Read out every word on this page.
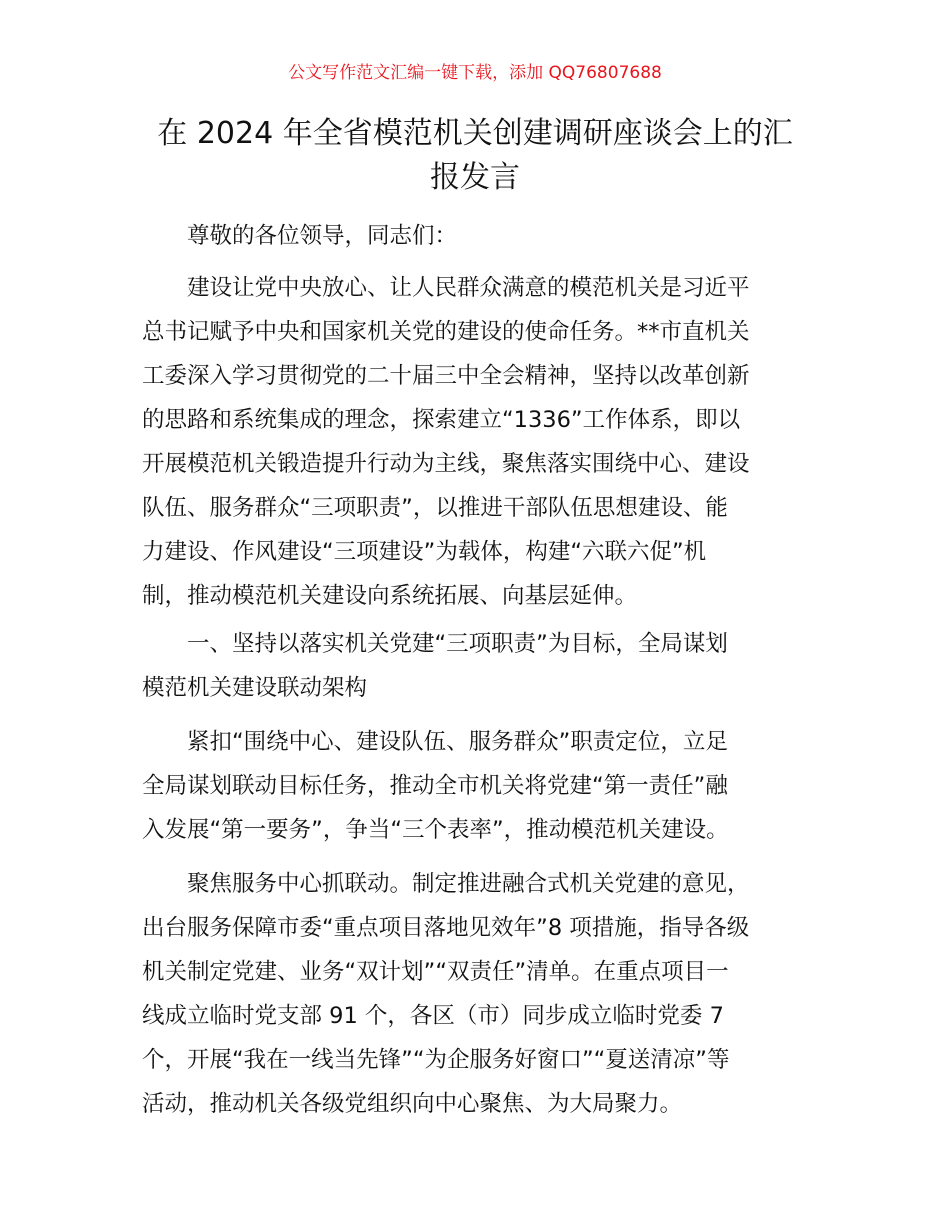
公文写作范文汇编一键下载，添加 QQ76807688
在 2024 年全省模范机关创建调研座谈会上的汇
报发言
尊敬的各位领导，同志们：
建设让党中央放心、让人民群众满意的模范机关是习近平
总书记赋予中央和国家机关党的建设的使命任务。**市直机关
工委深入学习贯彻党的二十届三中全会精神，坚持以改革创新
的思路和系统集成的理念，探索建立“1336”工作体系，即以
开展模范机关锻造提升行动为主线，聚焦落实围绕中心、建设
队伍、服务群众“三项职责”，以推进干部队伍思想建设、能
力建设、作风建设“三项建设”为载体，构建“六联六促”机
制，推动模范机关建设向系统拓展、向基层延伸。
一、坚持以落实机关党建“三项职责”为目标，全局谋划
模范机关建设联动架构
紧扣“围绕中心、建设队伍、服务群众”职责定位，立足
全局谋划联动目标任务，推动全市机关将党建“第一责任”融
入发展“第一要务”，争当“三个表率”，推动模范机关建设。
聚焦服务中心抓联动。制定推进融合式机关党建的意见，
出台服务保障市委“重点项目落地见效年”8 项措施，指导各级
机关制定党建、业务“双计划”“双责任”清单。在重点项目一
线成立临时党支部 91 个，各区（市）同步成立临时党委 7
个，开展“我在一线当先锋”“为企服务好窗口”“夏送清凉”等
活动，推动机关各级党组织向中心聚焦、为大局聚力。
